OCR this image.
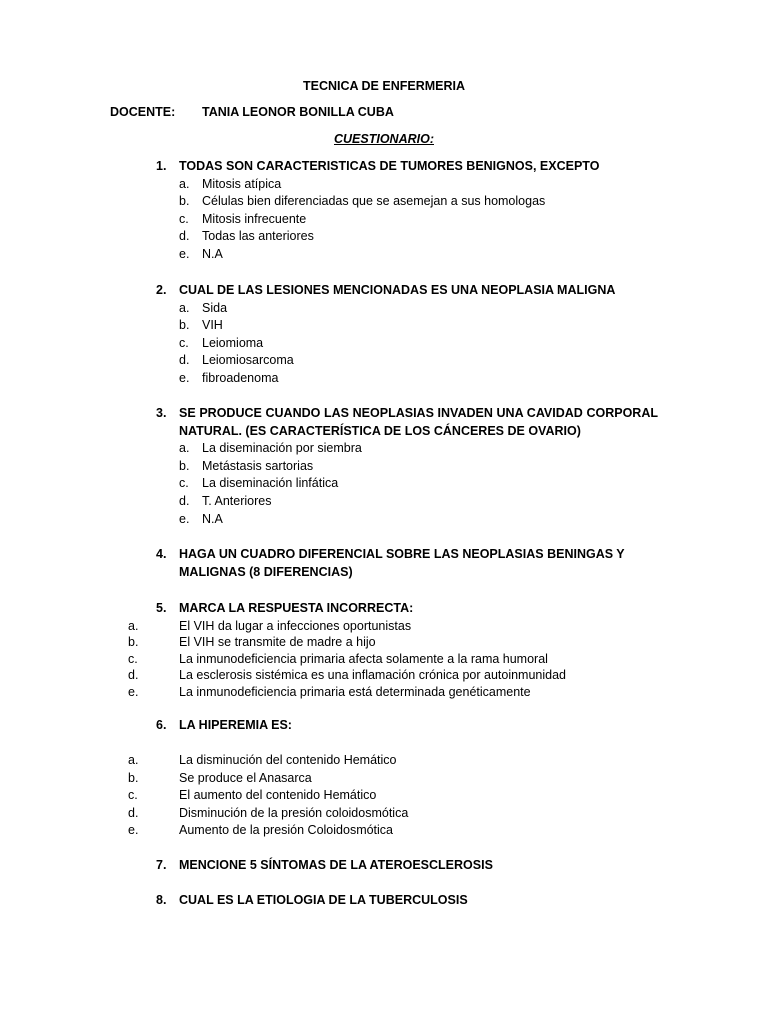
TECNICA DE ENFERMERIA
DOCENTE: TANIA LEONOR BONILLA CUBA
CUESTIONARIO:
1. TODAS SON CARACTERISTICAS DE TUMORES BENIGNOS, EXCEPTO
a. Mitosis atípica
b. Células bien diferenciadas que se asemejan a sus homologas
c. Mitosis infrecuente
d. Todas las anteriores
e. N.A
2. CUAL DE LAS LESIONES MENCIONADAS ES UNA NEOPLASIA MALIGNA
a. Sida
b. VIH
c. Leiomioma
d. Leiomiosarcoma
e. fibroadenoma
3. SE PRODUCE CUANDO LAS NEOPLASIAS INVADEN UNA CAVIDAD CORPORAL NATURAL. (ES CARACTERÍSTICA DE LOS CÁNCERES DE OVARIO)
a. La diseminación por siembra
b. Metástasis sartorias
c. La diseminación linfática
d. T. Anteriores
e. N.A
4. HAGA UN CUADRO DIFERENCIAL SOBRE LAS NEOPLASIAS BENINGAS Y MALIGNAS (8 DIFERENCIAS)
5. MARCA LA RESPUESTA INCORRECTA:
a.	El VIH da lugar a infecciones oportunistas
b.	El VIH se transmite de madre a hijo
c.	La inmunodeficiencia primaria afecta solamente a la rama humoral
d.	La esclerosis sistémica es una inflamación crónica por autoinmunidad
e.	La inmunodeficiencia primaria está determinada genéticamente
6. LA HIPEREMIA ES:
a.	La disminución del contenido Hemático
b.	Se produce el Anasarca
c.	El aumento del contenido Hemático
d.	Disminución de la presión coloidosmótica
e.	Aumento de la presión Coloidosmótica
7. MENCIONE 5 SÍNTOMAS DE LA ATEROESCLEROSIS
8. CUAL ES LA ETIOLOGIA DE LA TUBERCULOSIS
